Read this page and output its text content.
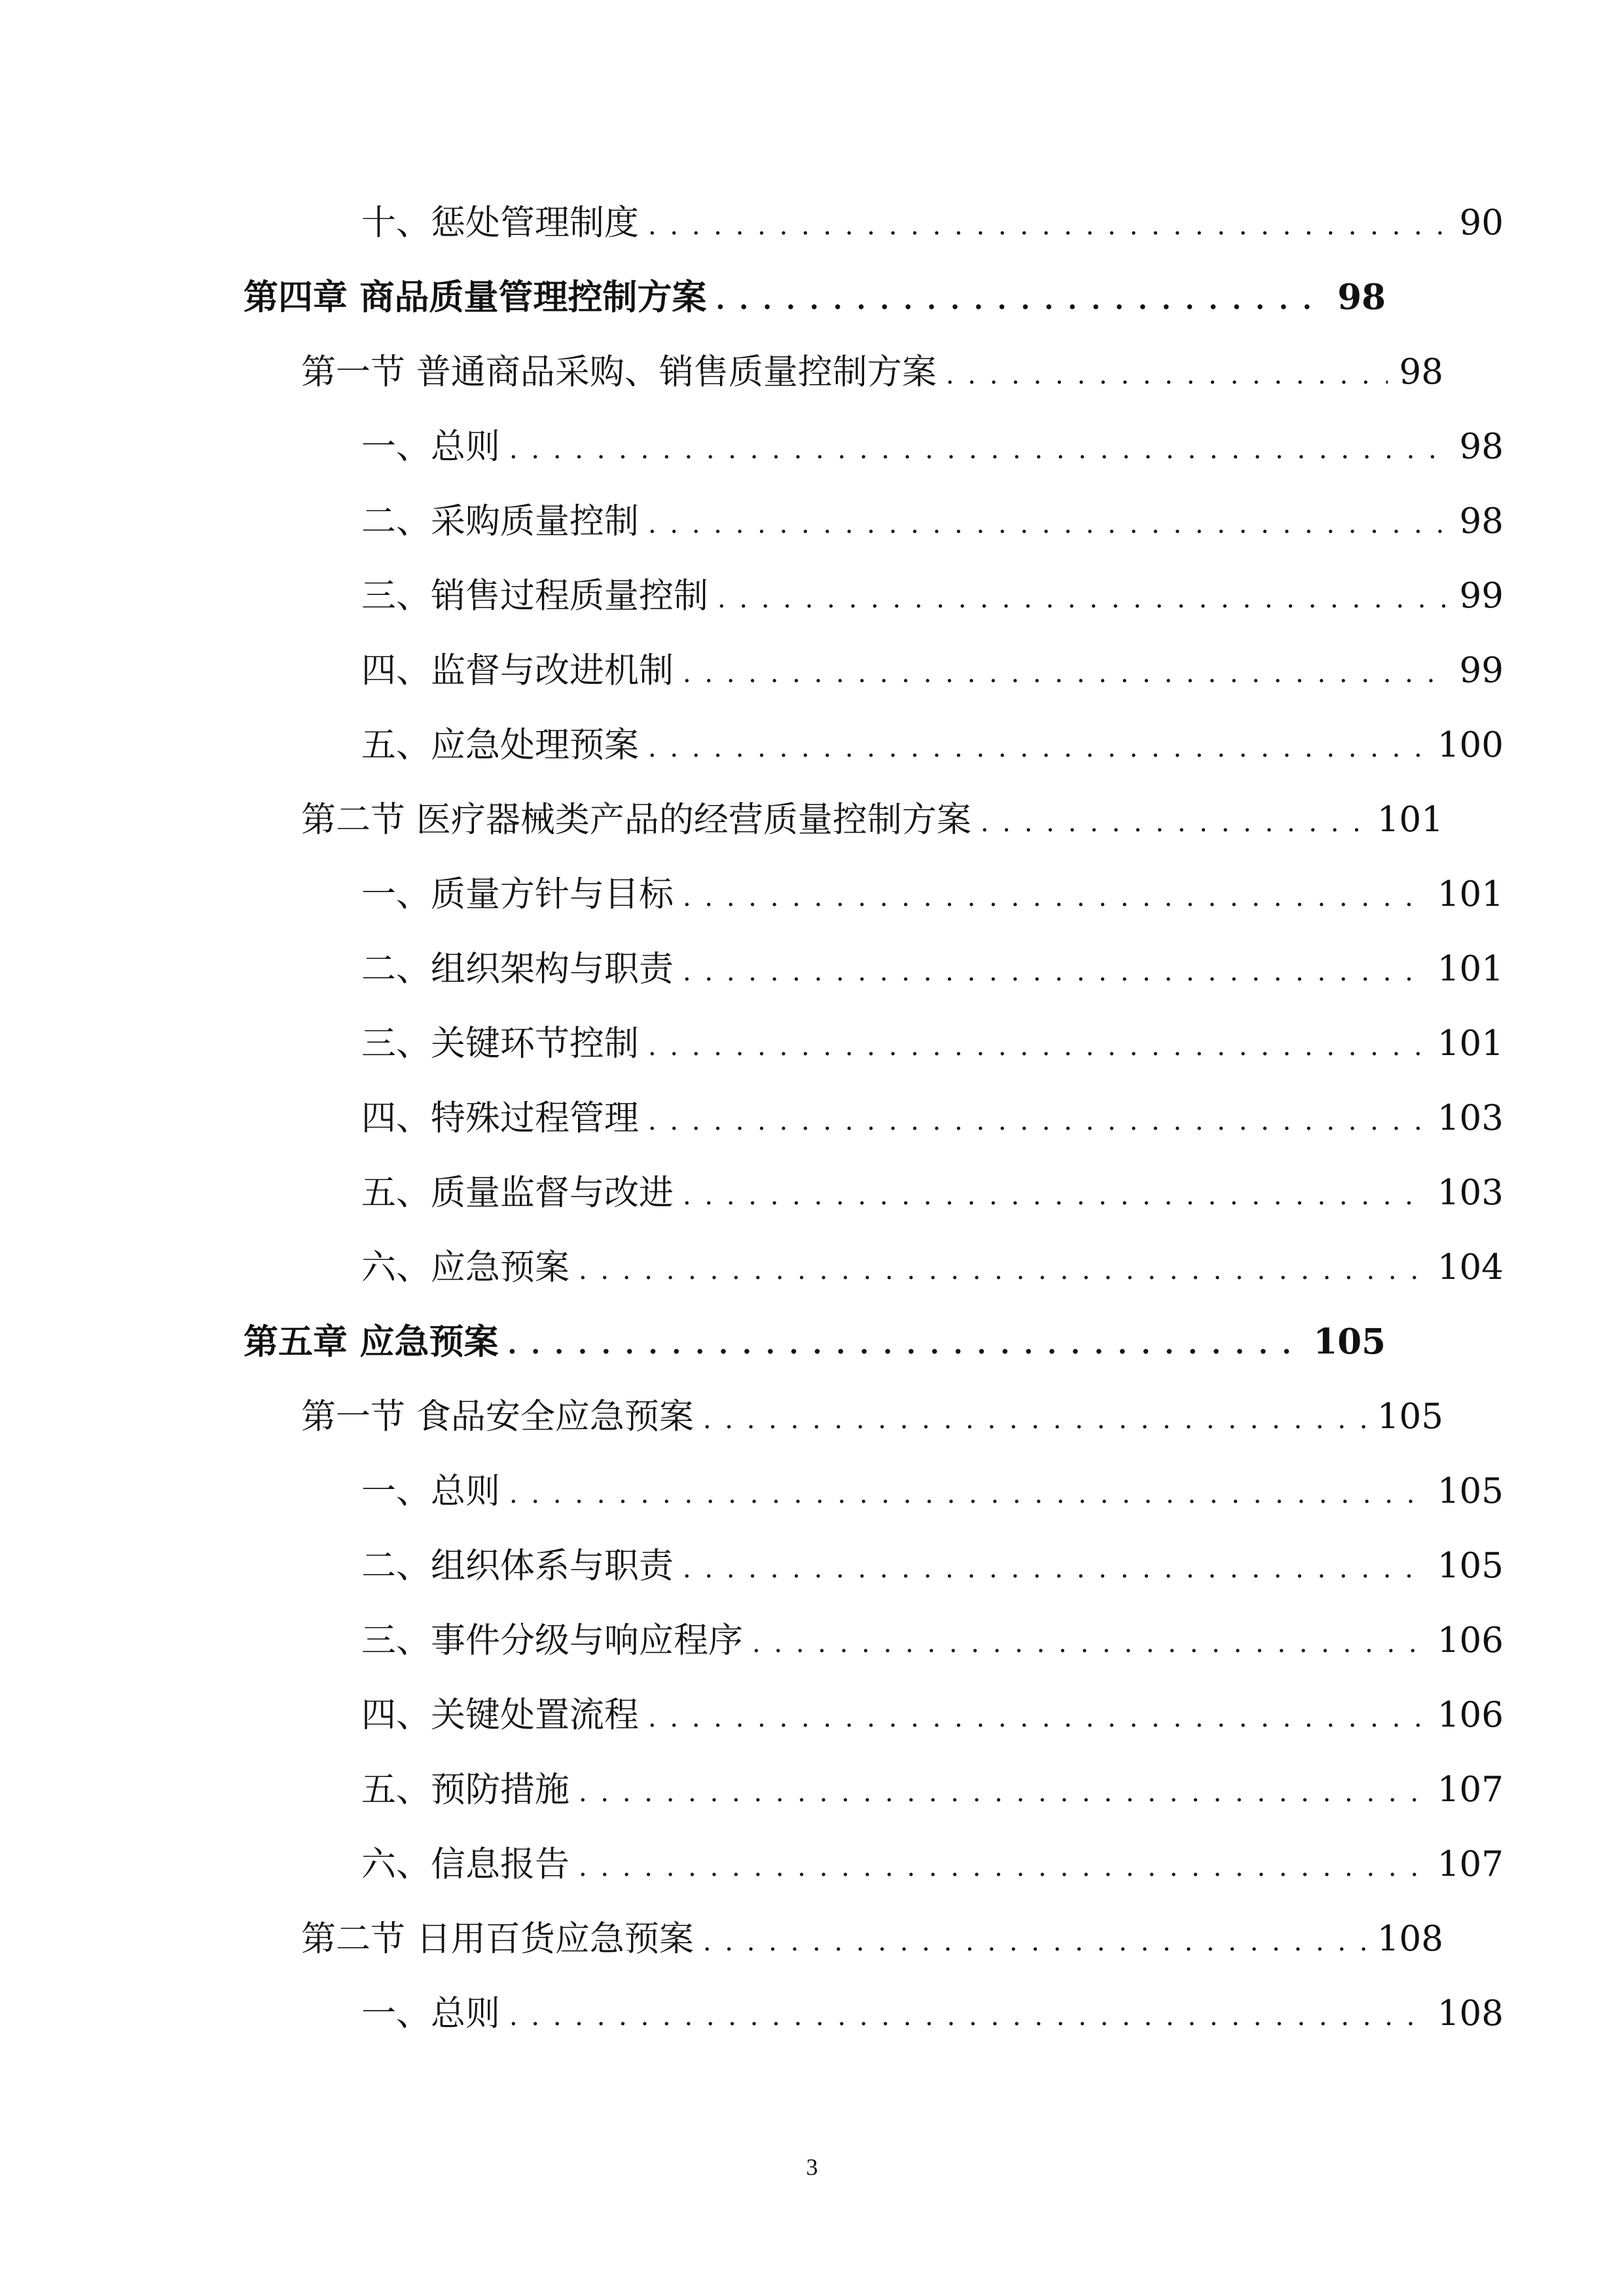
十、惩处管理制度 . . .	90
第四章 商品质量管理控制方案 . . .	98
第一节 普通商品采购、销售质量控制方案 . . .	98
一、总则 . . .	98
二、采购质量控制 . . .	98
三、销售过程质量控制 . . .	99
四、监督与改进机制 . . .	99
五、应急处理预案 . . .	100
第二节 医疗器械类产品的经营质量控制方案 . . .	101
一、质量方针与目标 . . .	101
二、组织架构与职责 . . .	101
三、关键环节控制 . . .	101
四、特殊过程管理 . . .	103
五、质量监督与改进 . . .	103
六、应急预案 . . .	104
第五章 应急预案 . . .	105
第一节 食品安全应急预案 . . .	105
一、总则 . . .	105
二、组织体系与职责 . . .	105
三、事件分级与响应程序 . . .	106
四、关键处置流程 . . .	106
五、预防措施 . . .	107
六、信息报告 . . .	107
第二节 日用百货应急预案 . . .	108
一、总则 . . .	108
3
